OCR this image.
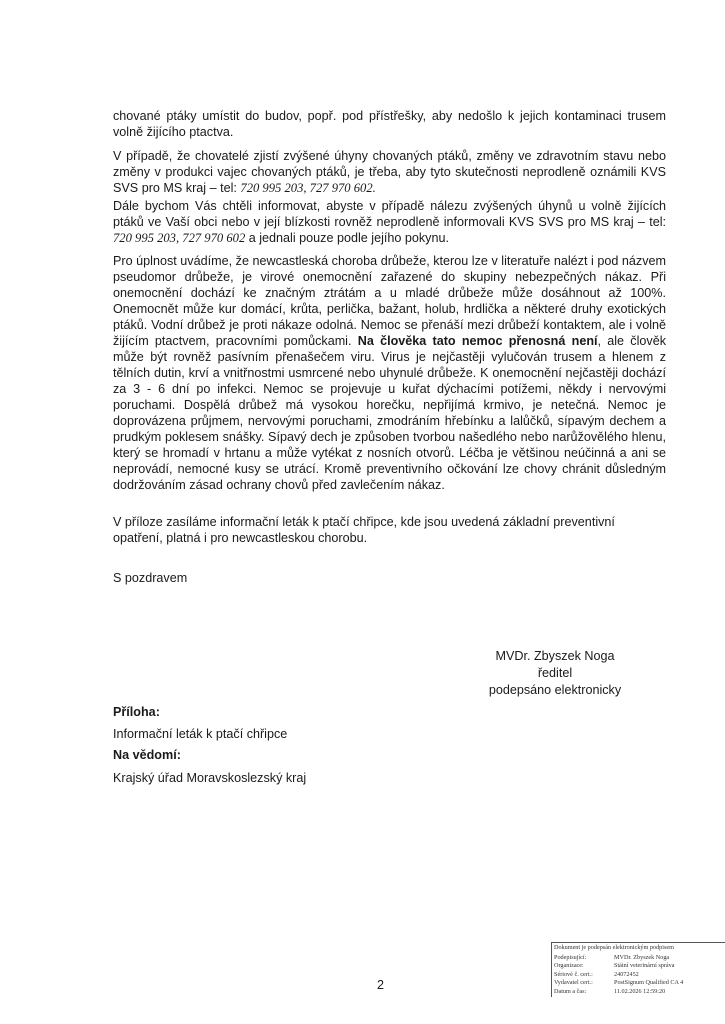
chované ptáky umístit do budov, popř. pod přístřešky, aby nedošlo k jejich kontaminaci trusem volně žijícího ptactva.

V případě, že chovatelé zjistí zvýšené úhyny chovaných ptáků, změny ve zdravotním stavu nebo změny v produkci vajec chovaných ptáků, je třeba, aby tyto skutečnosti neprodleně oznámili KVS SVS pro MS kraj – tel: 720 995 203, 727 970 602.

Dále bychom Vás chtěli informovat, abyste v případě nálezu zvýšených úhynů u volně žijících ptáků ve Vaší obci nebo v její blízkosti rovněž neprodleně informovali KVS SVS pro MS kraj – tel: 720 995 203, 727 970 602 a jednali pouze podle jejího pokynu.

Pro úplnost uvádíme, že newcastleská choroba drůbeže, kterou lze v literatuře nalézt i pod názvem pseudomor drůbeže, je virové onemocnění zařazené do skupiny nebezpečných nákaz. Při onemocnění dochází ke značným ztrátám a u mladé drůbeže může dosáhnout až 100%. Onemocnět může kur domácí, krůta, perlička, bažant, holub, hrdlička a některé druhy exotických ptáků. Vodní drůbež je proti nákaze odolná. Nemoc se přenáší mezi drůbeží kontaktem, ale i volně žijícím ptactvem, pracovními pomůckami. Na člověka tato nemoc přenosná není, ale člověk může být rovněž pasívním přenašečem viru. Virus je nejčastěji vylučován trusem a hlenem z tělních dutin, krví a vnitřnostmi usmrcené nebo uhynulé drůbeže. K onemocnění nejčastěji dochází za 3 - 6 dní po infekci. Nemoc se projevuje u kuřat dýchacími potížemi, někdy i nervovými poruchami. Dospělá drůbež má vysokou horečku, nepřijímá krmivo, je netečná. Nemoc je doprovázena průjmem, nervovými poruchami, zmodráním hřebínku a lalůčků, sípavým dechem a prudkým poklesem snášky. Sípavý dech je způsoben tvorbou našedlého nebo narůžovělého hlenu, který se hromadí v hrtanu a může vytékat z nosních otvorů. Léčba je většinou neúčinná a ani se neprovádí, nemocné kusy se utrácí. Kromě preventivního očkování lze chovy chránit důsledným dodržováním zásad ochrany chovů před zavlečením nákaz.

V příloze zasíláme informační leták k ptačí chřipce, kde jsou uvedená základní preventivní opatření, platná i pro newcastleskou chorobu.

S pozdravem

MVDr. Zbyszek Noga
ředitel
podepsáno elektronicky

Příloha:

Informační leták k ptačí chřipce

Na vědomí:

Krajský úřad Moravskoslezský kraj

2
Dokument je podepsán elektronickým podpisem
Podepisující:	MVDr. Zbyszek Noga
Organizace:	Státní veterinární správa
Sériové č. cert.:	24072452
Vydavatel cert.:	PostSignum Qualified CA 4
Datum a čas:	11.02.2026 12:59:20
